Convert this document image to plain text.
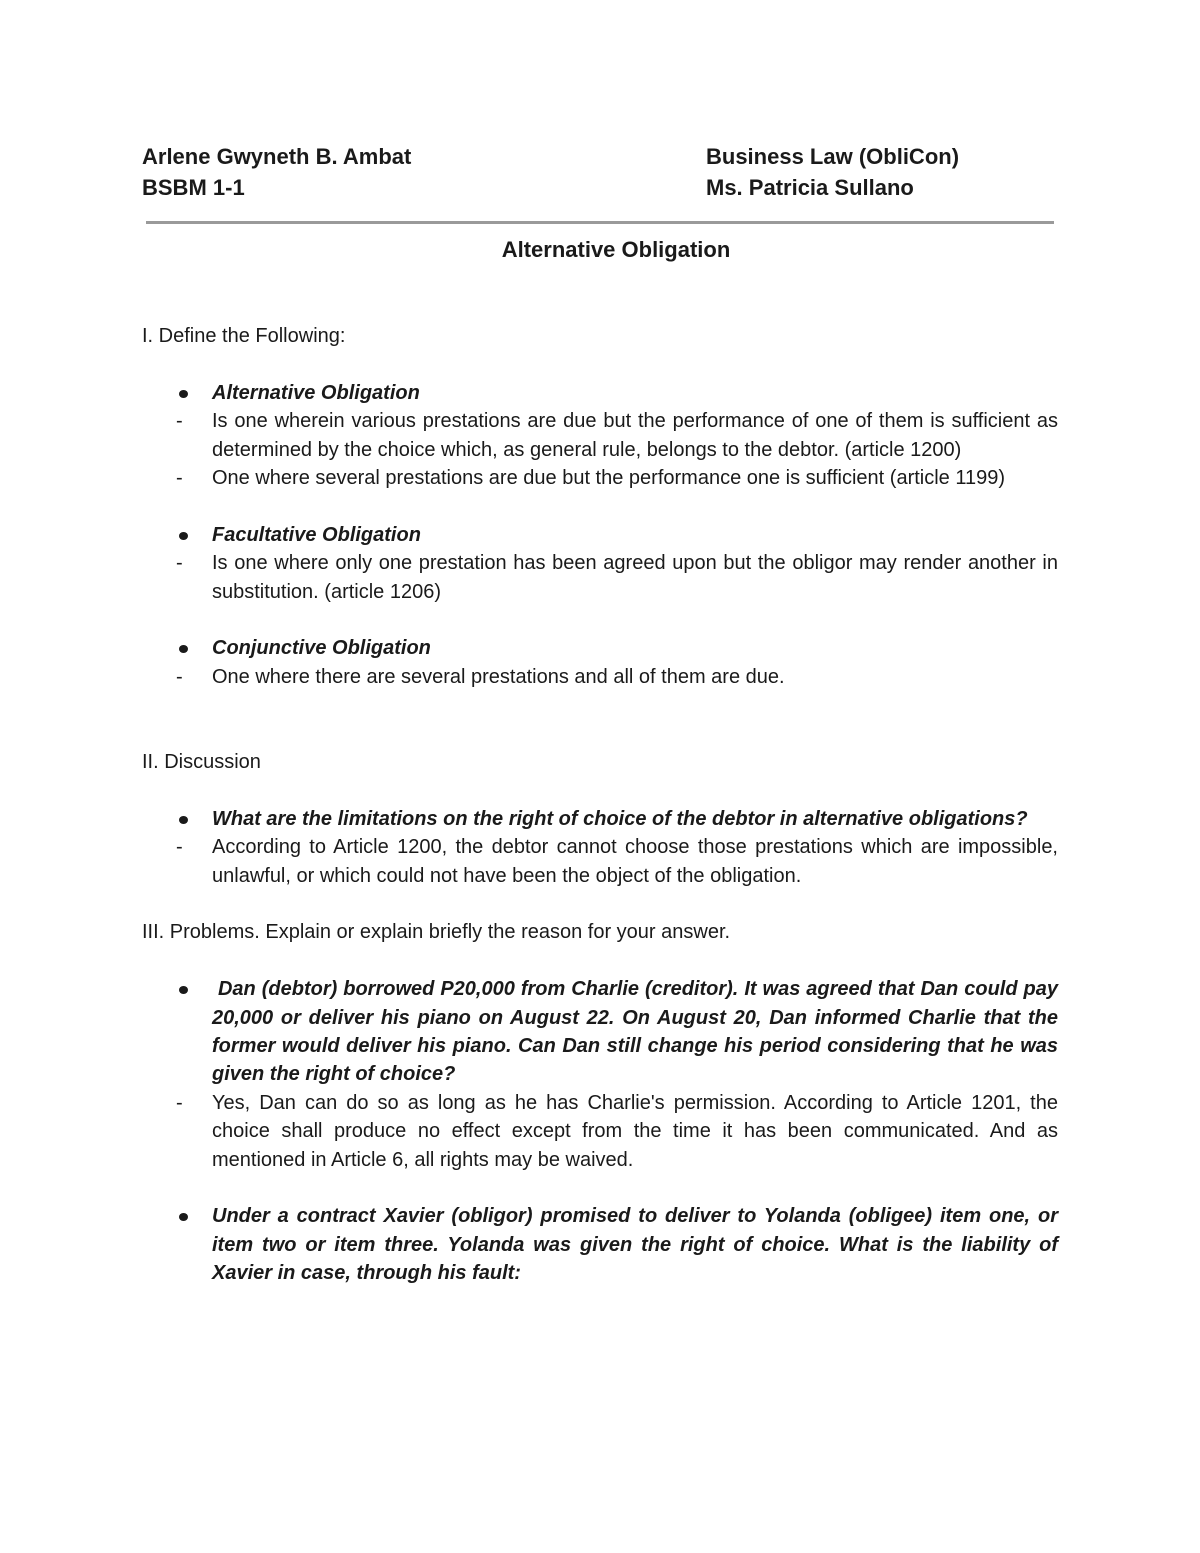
Arlene Gwyneth B. Ambat
BSBM 1-1
Business Law (ObliCon)
Ms. Patricia Sullano
Alternative Obligation

I. Define the Following:

Alternative Obligation
- Is one wherein various prestations are due but the performance of one of them is sufficient as determined by the choice which, as general rule, belongs to the debtor. (article 1200)
- One where several prestations are due but the performance one is sufficient (article 1199)
Facultative Obligation
- Is one where only one prestation has been agreed upon but the obligor may render another in substitution. (article 1206)
Conjunctive Obligation
- One where there are several prestations and all of them are due.

II. Discussion

What are the limitations on the right of choice of the debtor in alternative obligations?
- According to Article 1200, the debtor cannot choose those prestations which are impossible, unlawful, or which could not have been the object of the obligation.

III. Problems. Explain or explain briefly the reason for your answer.

Dan (debtor) borrowed P20,000 from Charlie (creditor). It was agreed that Dan could pay 20,000 or deliver his piano on August 22. On August 20, Dan informed Charlie that the former would deliver his piano. Can Dan still change his period considering that he was given the right of choice?
- Yes, Dan can do so as long as he has Charlie's permission. According to Article 1201, the choice shall produce no effect except from the time it has been communicated. And as mentioned in Article 6, all rights may be waived.
Under a contract Xavier (obligor) promised to deliver to Yolanda (obligee) item one, or item two or item three. Yolanda was given the right of choice. What is the liability of Xavier in case, through his fault:
